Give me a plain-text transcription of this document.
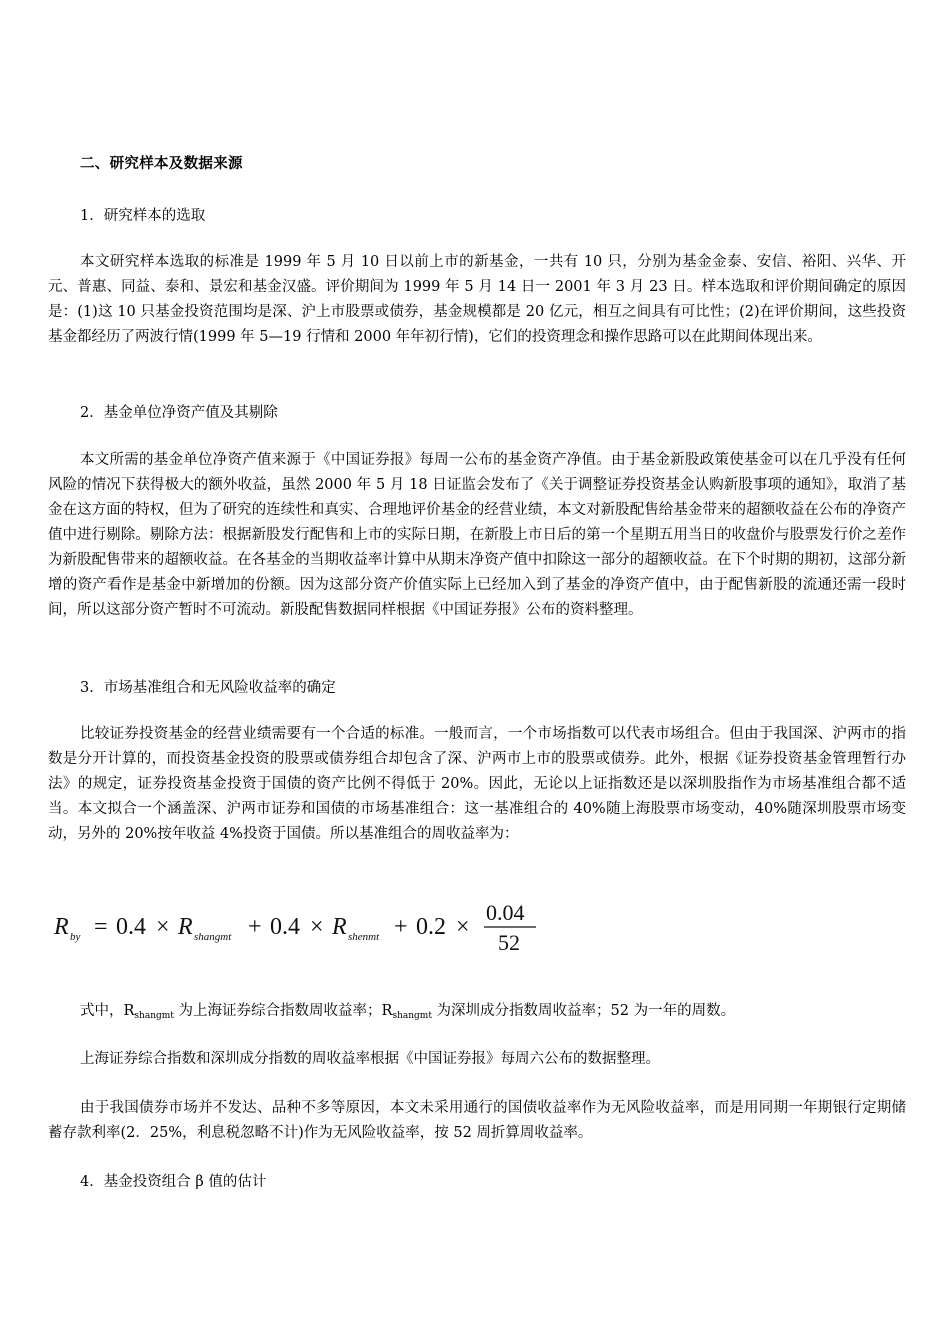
二、研究样本及数据来源
1．研究样本的选取
本文研究样本选取的标准是 1999 年 5 月 10 日以前上市的新基金，一共有 10 只，分别为基金金泰、安信、裕阳、兴华、开元、普惠、同益、泰和、景宏和基金汉盛。评价期间为 1999 年 5 月 14 日一 2001 年 3 月 23 日。样本选取和评价期间确定的原因是：(1)这 10 只基金投资范围均是深、沪上市股票或债券，基金规模都是 20 亿元，相互之间具有可比性；(2)在评价期间，这些投资基金都经历了两波行情(1999 年 5—19 行情和 2000 年年初行情)，它们的投资理念和操作思路可以在此期间体现出来。
2．基金单位净资产值及其剔除
本文所需的基金单位净资产值来源于《中国证券报》每周一公布的基金资产净值。由于基金新股政策使基金可以在几乎没有任何风险的情况下获得极大的额外收益，虽然 2000 年 5 月 18 日证监会发布了《关于调整证券投资基金认购新股事项的通知》，取消了基金在这方面的特权，但为了研究的连续性和真实、合理地评价基金的经营业绩，本文对新股配售给基金带来的超额收益在公布的净资产值中进行剔除。剔除方法：根据新股发行配售和上市的实际日期，在新股上市日后的第一个星期五用当日的收盘价与股票发行价之差作为新股配售带来的超额收益。在各基金的当期收益率计算中从期末净资产值中扣除这一部分的超额收益。在下个时期的期初，这部分新增的资产看作是基金中新增加的份额。因为这部分资产价值实际上已经加入到了基金的净资产值中，由于配售新股的流通还需一段时间，所以这部分资产暂时不可流动。新股配售数据同样根据《中国证券报》公布的资料整理。
3．市场基准组合和无风险收益率的确定
比较证券投资基金的经营业绩需要有一个合适的标准。一般而言，一个市场指数可以代表市场组合。但由于我国深、沪两市的指数是分开计算的，而投资基金投资的股票或债券组合却包含了深、沪两市上市的股票或债券。此外，根据《证券投资基金管理暂行办法》的规定，证券投资基金投资于国债的资产比例不得低于 20%。因此，无论以上证指数还是以深圳股指作为市场基准组合都不适当。本文拟合一个涵盖深、沪两市证券和国债的市场基准组合：这一基准组合的 40%随上海股票市场变动，40%随深圳股票市场变动，另外的 20%按年收益 4%投资于国债。所以基准组合的周收益率为：
R by = 0.4 × R shangmt + 0.4 × R shenmt + 0.2 ×
0.04
52
式中，$R_{shangmt}$ 为上海证券综合指数周收益率；$R_{shangmt}$ 为深圳成分指数周收益率；52 为一年的周数。
上海证券综合指数和深圳成分指数的周收益率根据《中国证券报》每周六公布的数据整理。
由于我国债券市场并不发达、品种不多等原因，本文未采用通行的国债收益率作为无风险收益率，而是用同期一年期银行定期储蓄存款利率(2．25%，利息税忽略不计)作为无风险收益率，按 52 周折算周收益率。
4．基金投资组合 β 值的估计
